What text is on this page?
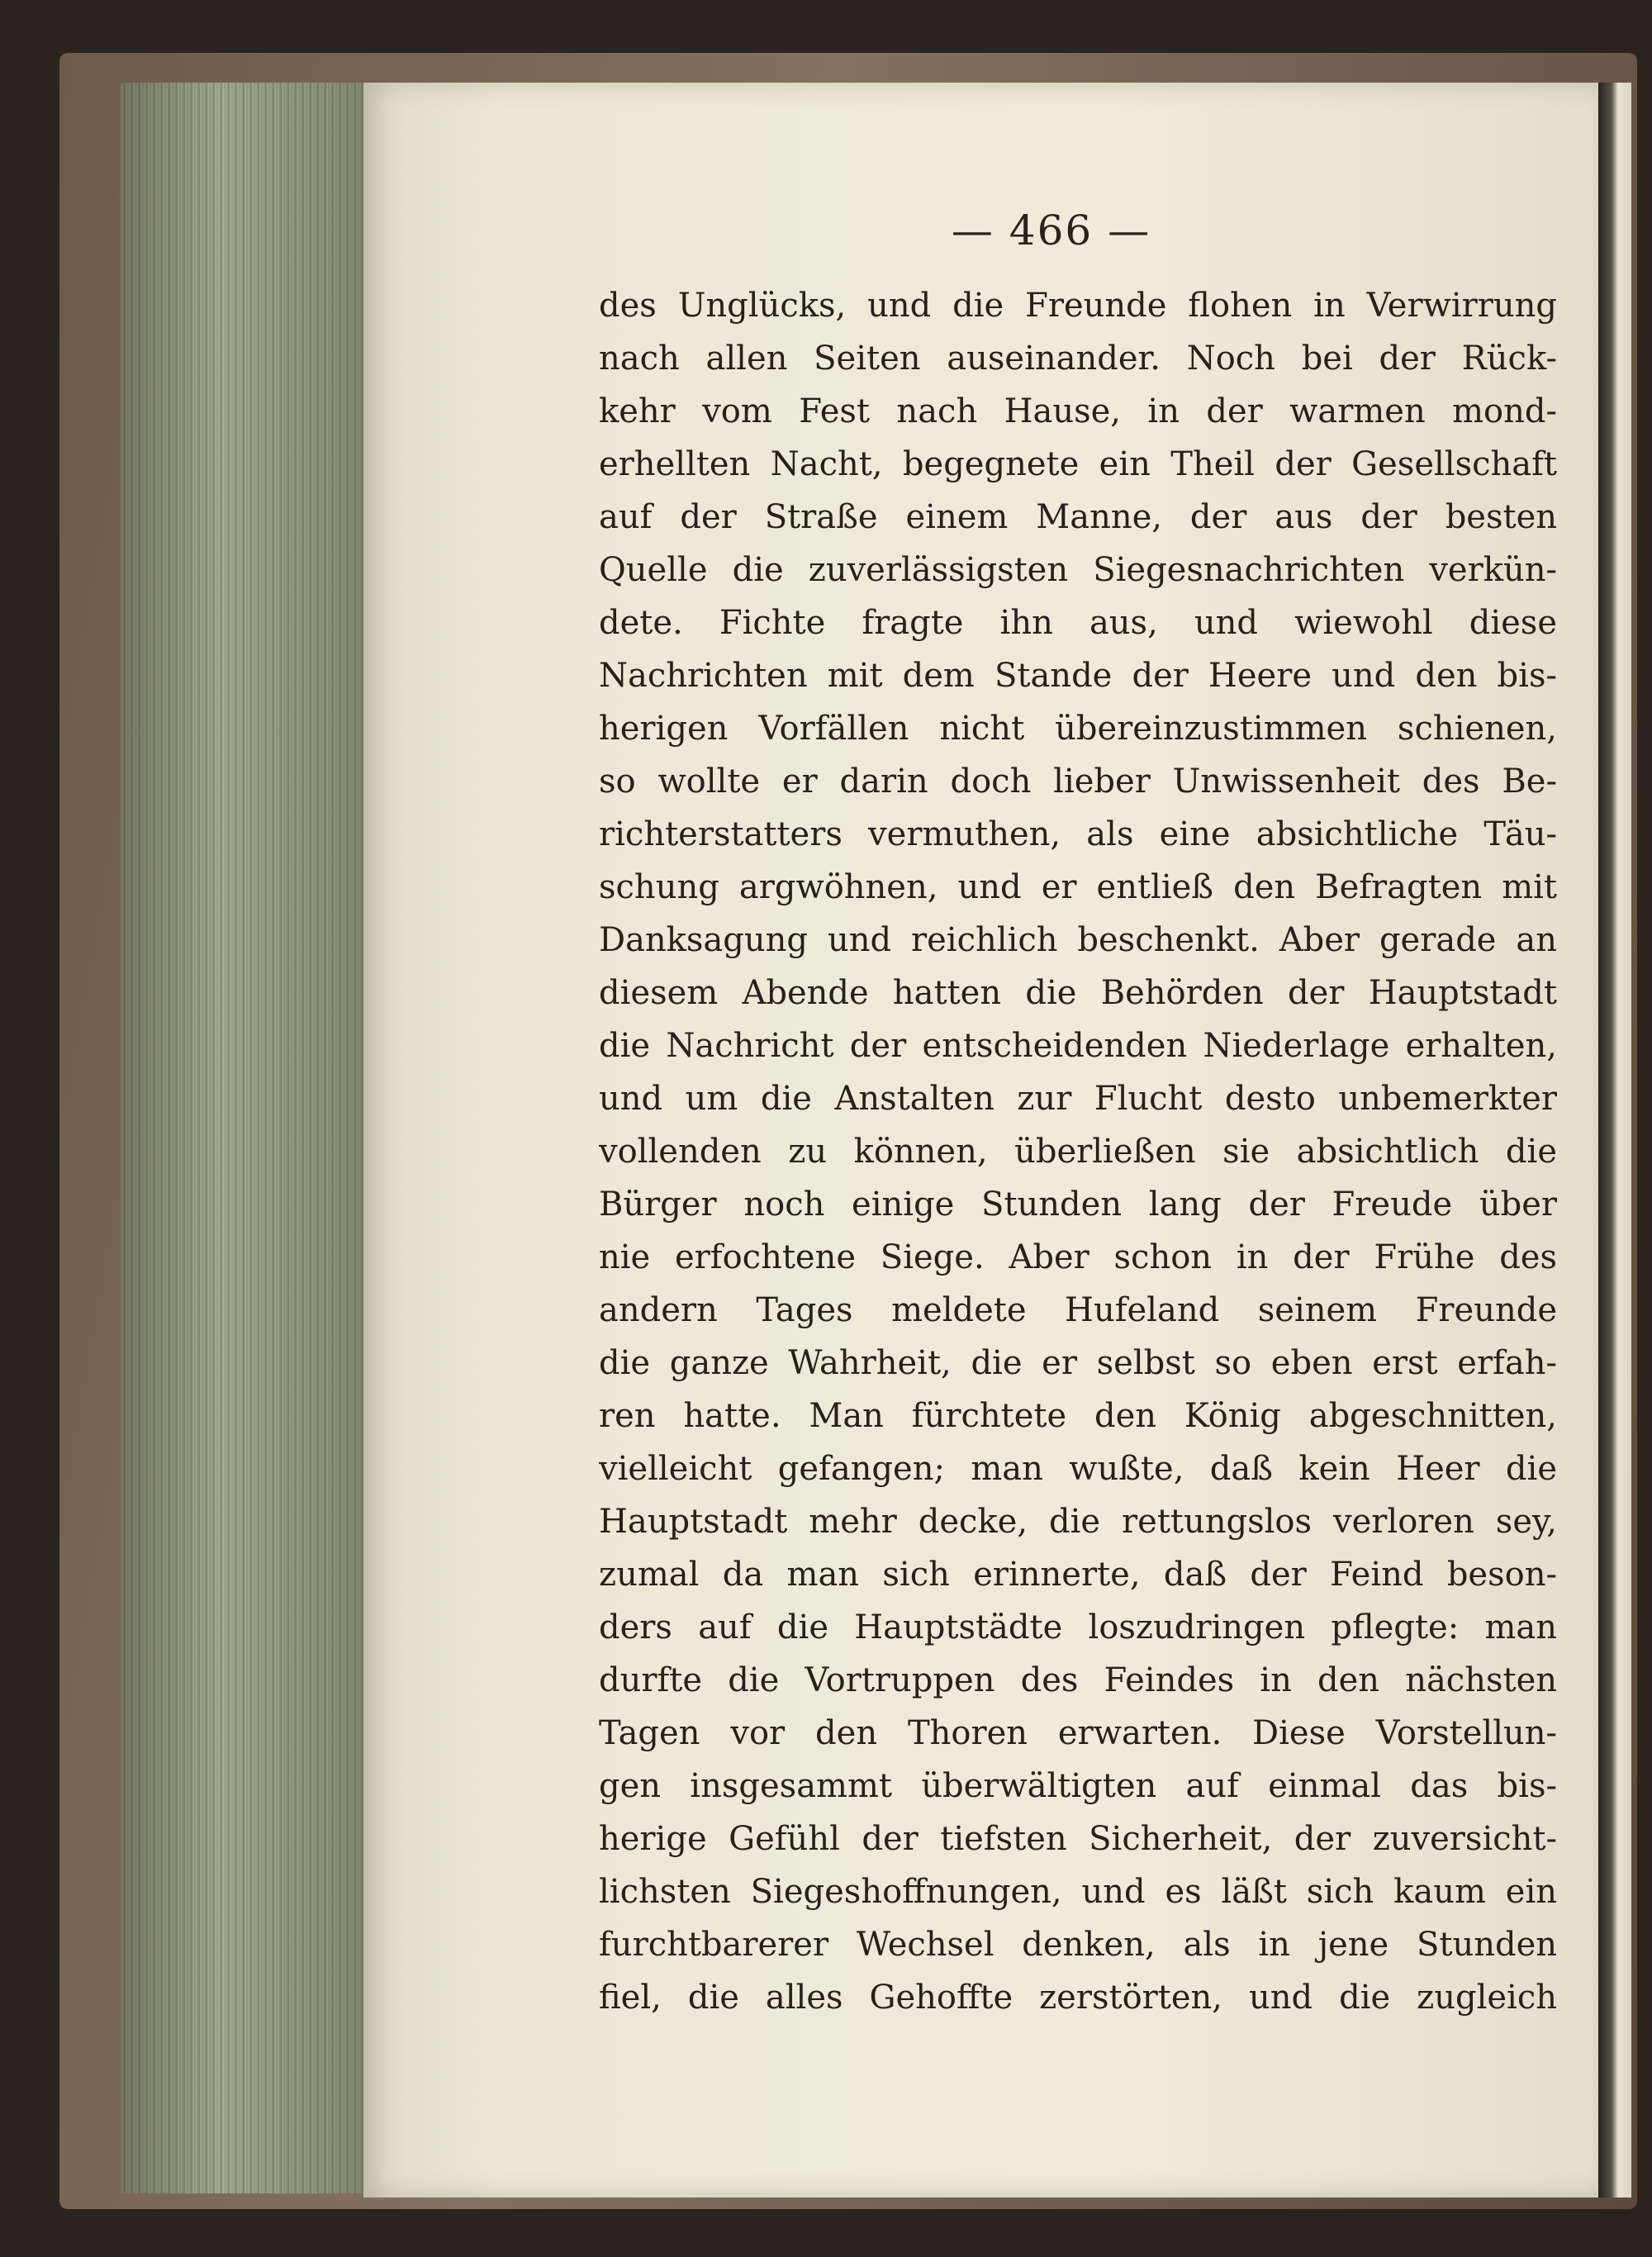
— 466 —
des Unglücks, und die Freunde flohen in Verwirrung
nach allen Seiten auseinander. Noch bei der Rück-
kehr vom Fest nach Hause, in der warmen mond-
erhellten Nacht, begegnete ein Theil der Gesellschaft
auf der Straße einem Manne, der aus der besten
Quelle die zuverlässigsten Siegesnachrichten verkün-
dete. Fichte fragte ihn aus, und wiewohl diese
Nachrichten mit dem Stande der Heere und den bis-
herigen Vorfällen nicht übereinzustimmen schienen,
so wollte er darin doch lieber Unwissenheit des Be-
richterstatters vermuthen, als eine absichtliche Täu-
schung argwöhnen, und er entließ den Befragten mit
Danksagung und reichlich beschenkt. Aber gerade an
diesem Abende hatten die Behörden der Hauptstadt
die Nachricht der entscheidenden Niederlage erhalten,
und um die Anstalten zur Flucht desto unbemerkter
vollenden zu können, überließen sie absichtlich die
Bürger noch einige Stunden lang der Freude über
nie erfochtene Siege. Aber schon in der Frühe des
andern Tages meldete Hufeland seinem Freunde
die ganze Wahrheit, die er selbst so eben erst erfah-
ren hatte. Man fürchtete den König abgeschnitten,
vielleicht gefangen; man wußte, daß kein Heer die
Hauptstadt mehr decke, die rettungslos verloren sey,
zumal da man sich erinnerte, daß der Feind beson-
ders auf die Hauptstädte loszudringen pflegte: man
durfte die Vortruppen des Feindes in den nächsten
Tagen vor den Thoren erwarten. Diese Vorstellun-
gen insgesammt überwältigten auf einmal das bis-
herige Gefühl der tiefsten Sicherheit, der zuversicht-
lichsten Siegeshoffnungen, und es läßt sich kaum ein
furchtbarerer Wechsel denken, als in jene Stunden
fiel, die alles Gehoffte zerstörten, und die zugleich
